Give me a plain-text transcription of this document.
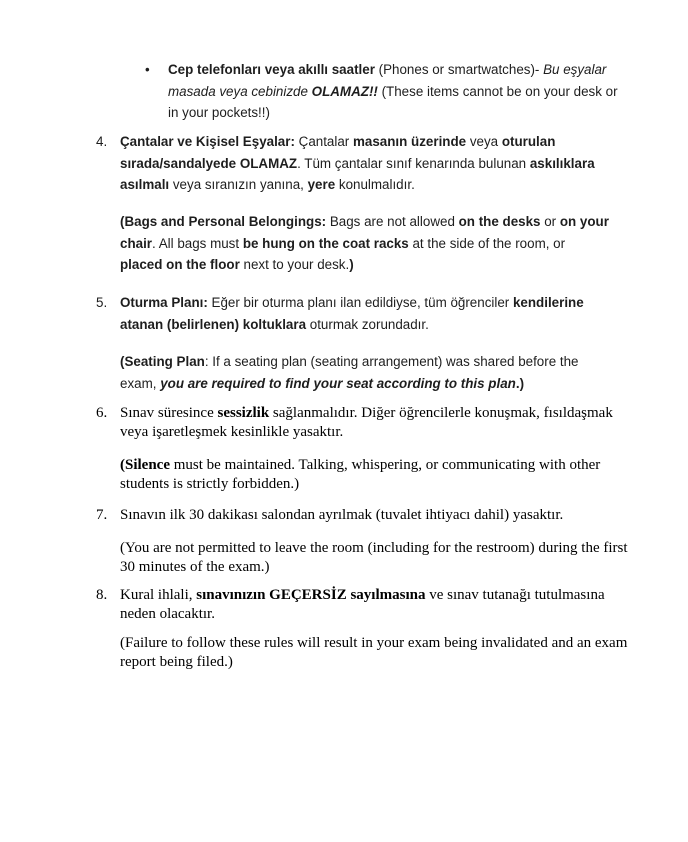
• Cep telefonları veya akıllı saatler (Phones or smartwatches)- Bu eşyalar
masada veya cebinizde OLAMAZ!! (These items cannot be on your desk or
in your pockets!!)
4. Çantalar ve Kişisel Eşyalar: Çantalar masanın üzerinde veya oturulan
sırada/sandalyede OLAMAZ. Tüm çantalar sınıf kenarında bulunan askılıklara
asılmalı veya sıranızın yanına, yere konulmalıdır.
(Bags and Personal Belongings: Bags are not allowed on the desks or on your
chair. All bags must be hung on the coat racks at the side of the room, or
placed on the floor next to your desk.)
5. Oturma Planı: Eğer bir oturma planı ilan edildiyse, tüm öğrenciler kendilerine
atanan (belirlenen) koltuklara oturmak zorundadır.
(Seating Plan: If a seating plan (seating arrangement) was shared before the
exam, you are required to find your seat according to this plan.)
6. Sınav süresince sessizlik sağlanmalıdır. Diğer öğrencilerle konuşmak, fısıldaşmak
veya işaretleşmek kesinlikle yasaktır.
(Silence must be maintained. Talking, whispering, or communicating with other
students is strictly forbidden.)
7. Sınavın ilk 30 dakikası salondan ayrılmak (tuvalet ihtiyacı dahil) yasaktır.
(You are not permitted to leave the room (including for the restroom) during the first
30 minutes of the exam.)
8. Kural ihlali, sınavınızın GEÇERSİZ sayılmasına ve sınav tutanağı tutulmasına
neden olacaktır.
(Failure to follow these rules will result in your exam being invalidated and an exam
report being filed.)
